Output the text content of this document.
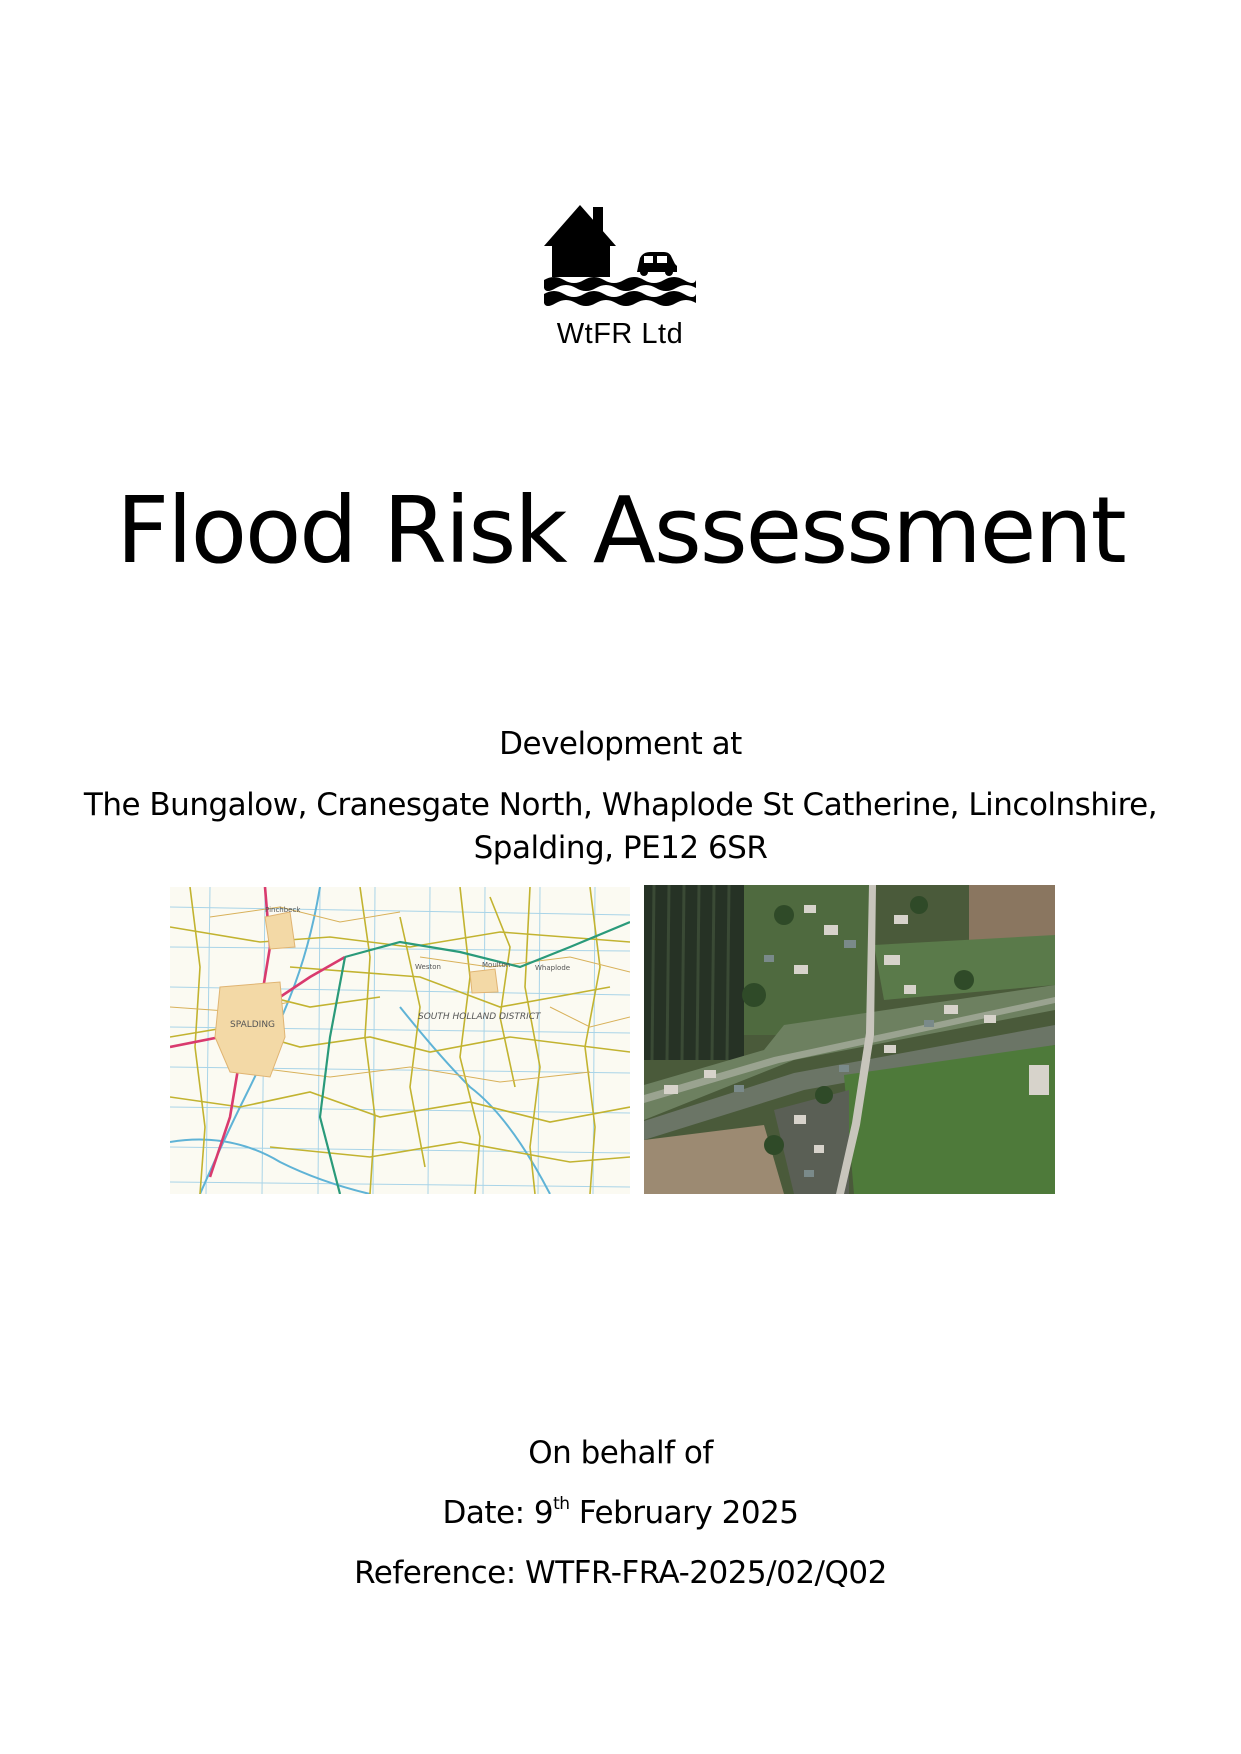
WtFR Ltd
Flood Risk Assessment
Development at
The Bungalow, Cranesgate North, Whaplode St Catherine, Lincolnshire,
Spalding, PE12 6SR
Pinchbeck
SPALDING
SOUTH HOLLAND DISTRICT
Weston	Moulton	Whaplode
On behalf of
Date: 9th February 2025
Reference: WTFR-FRA-2025/02/Q02
